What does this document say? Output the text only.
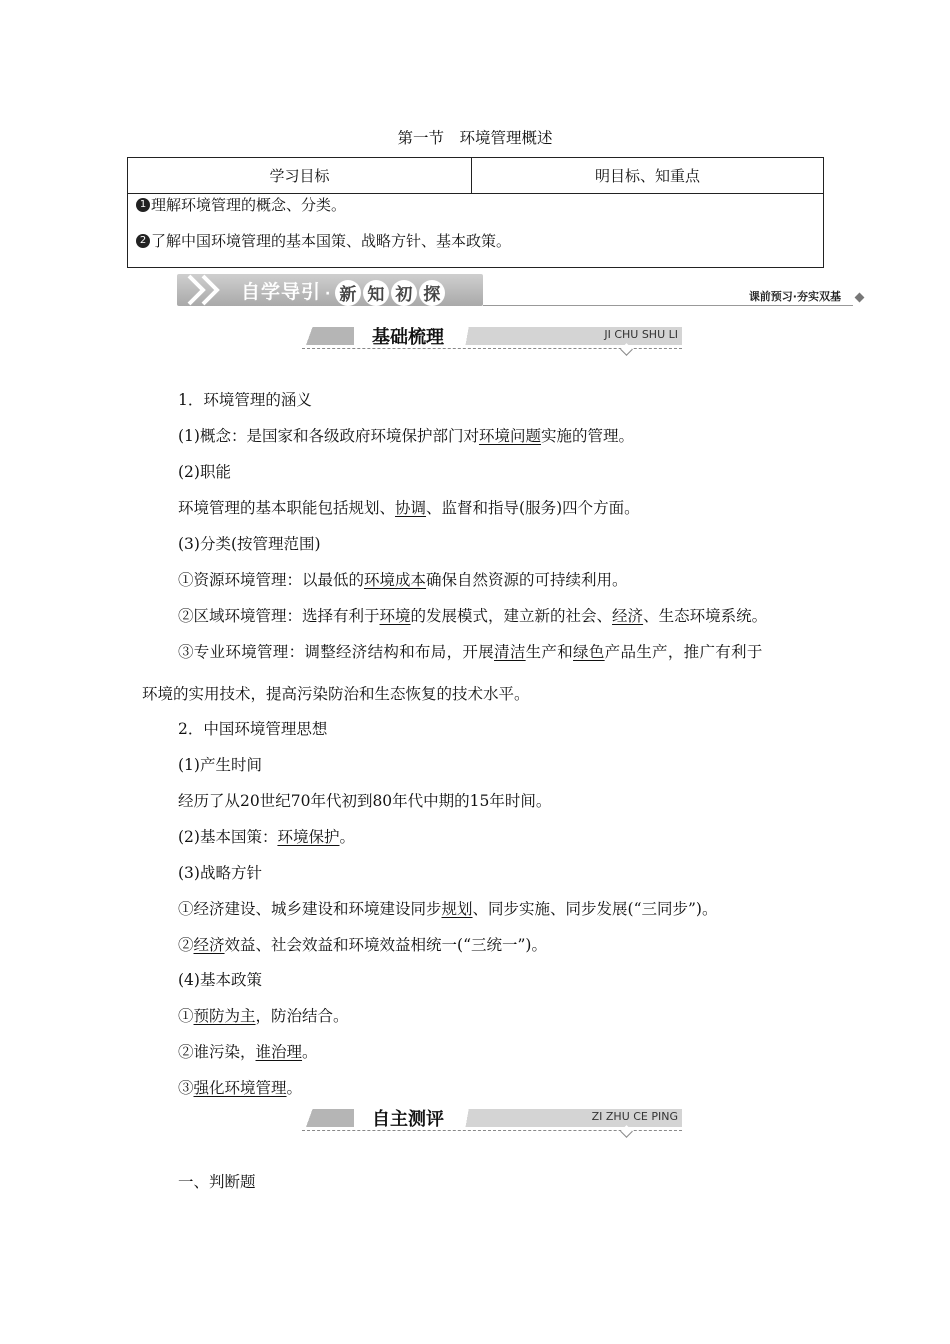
第一节　环境管理概述
学习目标	明目标、知重点
1 理解环境管理的概念、分类。
2 了解中国环境管理的基本国策、战略方针、基本政策。
自学导引 · 新 知 初 探	课前预习·夯实双基
基础梳理	JI CHU SHU LI
1．环境管理的涵义
(1)概念：是国家和各级政府环境保护部门对环境问题实施的管理。
(2)职能
环境管理的基本职能包括规划、协调、监督和指导(服务)四个方面。
(3)分类(按管理范围)
①资源环境管理：以最低的环境成本确保自然资源的可持续利用。
②区域环境管理：选择有利于环境的发展模式，建立新的社会、经济、生态环境系统。
③专业环境管理：调整经济结构和布局，开展清洁生产和绿色产品生产，推广有利于
环境的实用技术，提高污染防治和生态恢复的技术水平。
2．中国环境管理思想
(1)产生时间
经历了从20世纪70年代初到80年代中期的15年时间。
(2)基本国策：环境保护。
(3)战略方针
①经济建设、城乡建设和环境建设同步规划、同步实施、同步发展(“三同步”)。
②经济效益、社会效益和环境效益相统一(“三统一”)。
(4)基本政策
①预防为主，防治结合。
②谁污染，谁治理。
③强化环境管理。
一、判断题
自主测评	ZI ZHU CE PING
